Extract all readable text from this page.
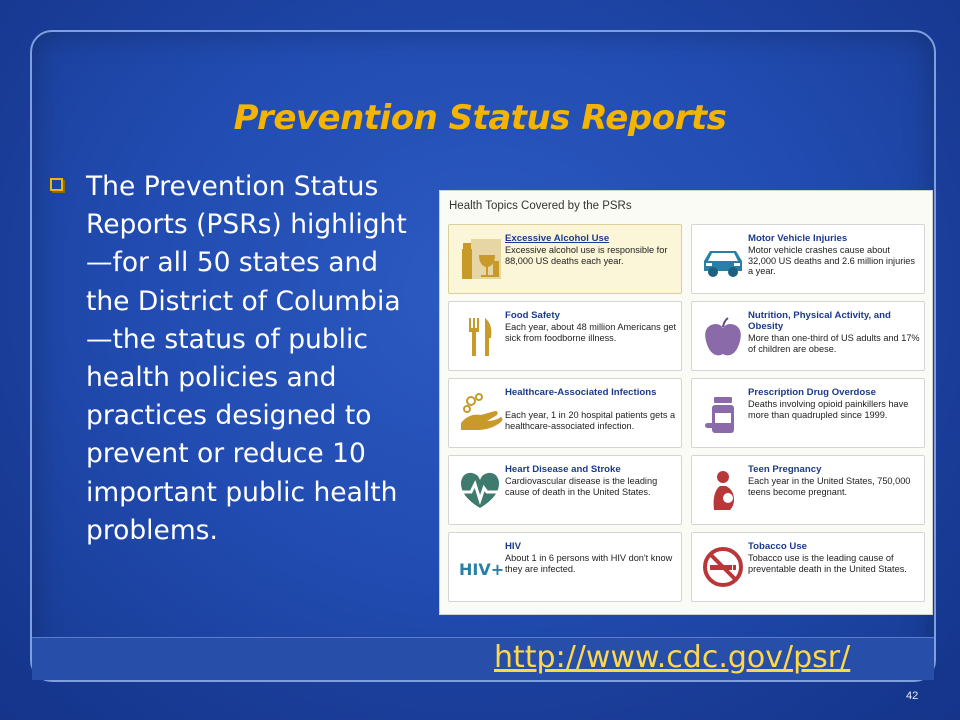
Prevention Status Reports
The Prevention Status Reports (PSRs) highlight—for all 50 states and the District of Columbia—the status of public health policies and practices designed to prevent or reduce 10 important public health problems.
Health Topics Covered by the PSRs
Excessive Alcohol Use
Excessive alcohol use is responsible for 88,000 US deaths each year.
Motor Vehicle Injuries
Motor vehicle crashes cause about 32,000 US deaths and 2.6 million injuries a year.
Food Safety
Each year, about 48 million Americans get sick from foodborne illness.
Nutrition, Physical Activity, and Obesity
More than one-third of US adults and 17% of children are obese.
Healthcare-Associated Infections
Each year, 1 in 20 hospital patients gets a healthcare-associated infection.
Prescription Drug Overdose
Deaths involving opioid painkillers have more than quadrupled since 1999.
Heart Disease and Stroke
Cardiovascular disease is the leading cause of death in the United States.
Teen Pregnancy
Each year in the United States, 750,000 teens become pregnant.
HIV+
HIV
About 1 in 6 persons with HIV don't know they are infected.
Tobacco Use
Tobacco use is the leading cause of preventable death in the United States.
http://www.cdc.gov/psr/
42
